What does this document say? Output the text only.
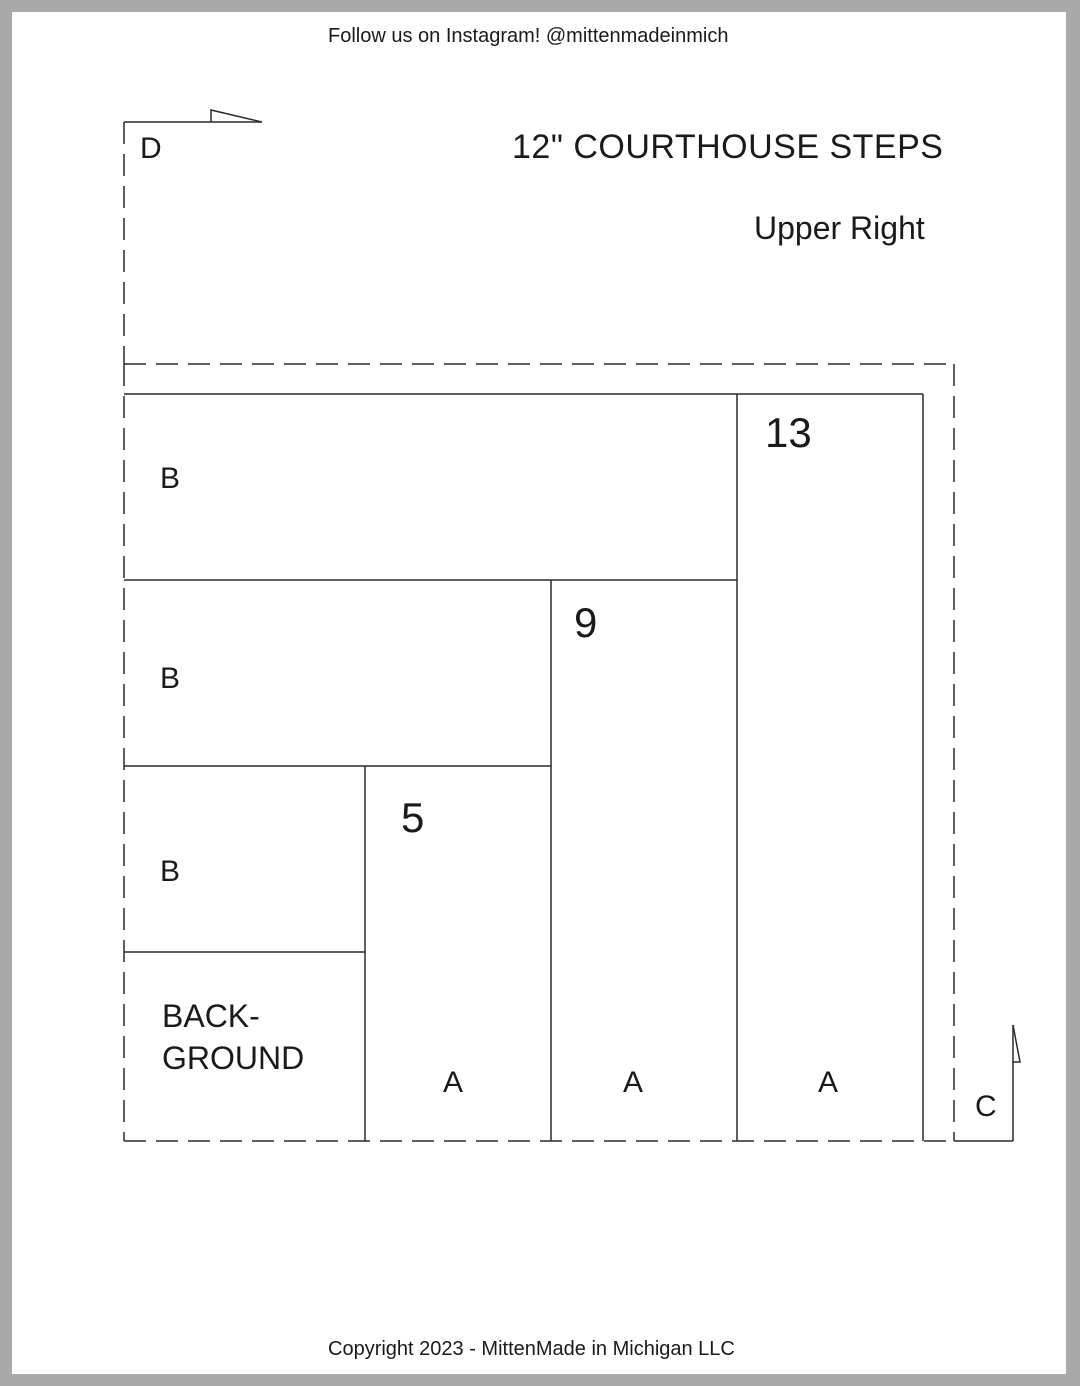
Follow us on Instagram! @mittenmadeinmich
12" COURTHOUSE STEPS
Upper Right
D
C
B
B
B
BACK-
GROUND
5
9
13
A	A	A
Copyright 2023 - MittenMade in Michigan LLC
